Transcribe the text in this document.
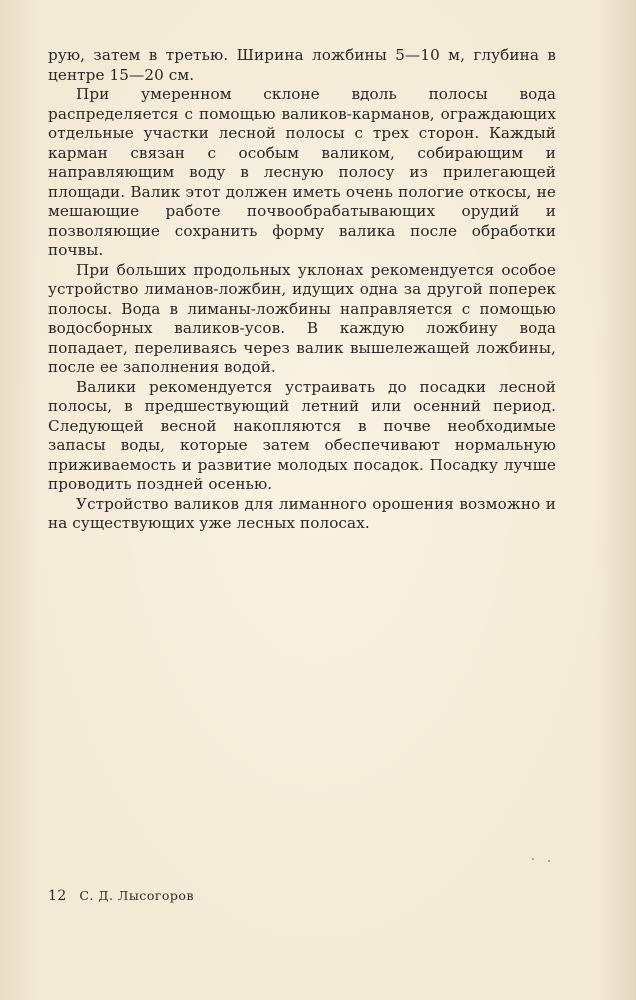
рую, затем в третью. Ширина ложбины 5—10 м, глубина в центре 15—20 см.

При умеренном склоне вдоль полосы вода распределяется с помощью валиков-карманов, ограждающих отдельные участки лесной полосы с трех сторон. Каждый карман связан с особым валиком, собирающим и направляющим воду в лесную полосу из прилегающей площади. Валик этот должен иметь очень пологие откосы, не мешающие работе почвообрабатывающих орудий и позволяющие сохранить форму валика после обработки почвы.

При больших продольных уклонах рекомендуется особое устройство лиманов-ложбин, идущих одна за другой поперек полосы. Вода в лиманы-ложбины направляется с помощью водосборных валиков-усов. В каждую ложбину вода попадает, переливаясь через валик вышележащей ложбины, после ее заполнения водой.

Валики рекомендуется устраивать до посадки лесной полосы, в предшествующий летний или осенний период. Следующей весной накопляются в почве необходимые запасы воды, которые затем обеспечивают нормальную приживаемость и развитие молодых посадок. Посадку лучше проводить поздней осенью.

Устройство валиков для лиманного орошения возможно и на существующих уже лесных полосах.

12 С. Д. Лысогоров
